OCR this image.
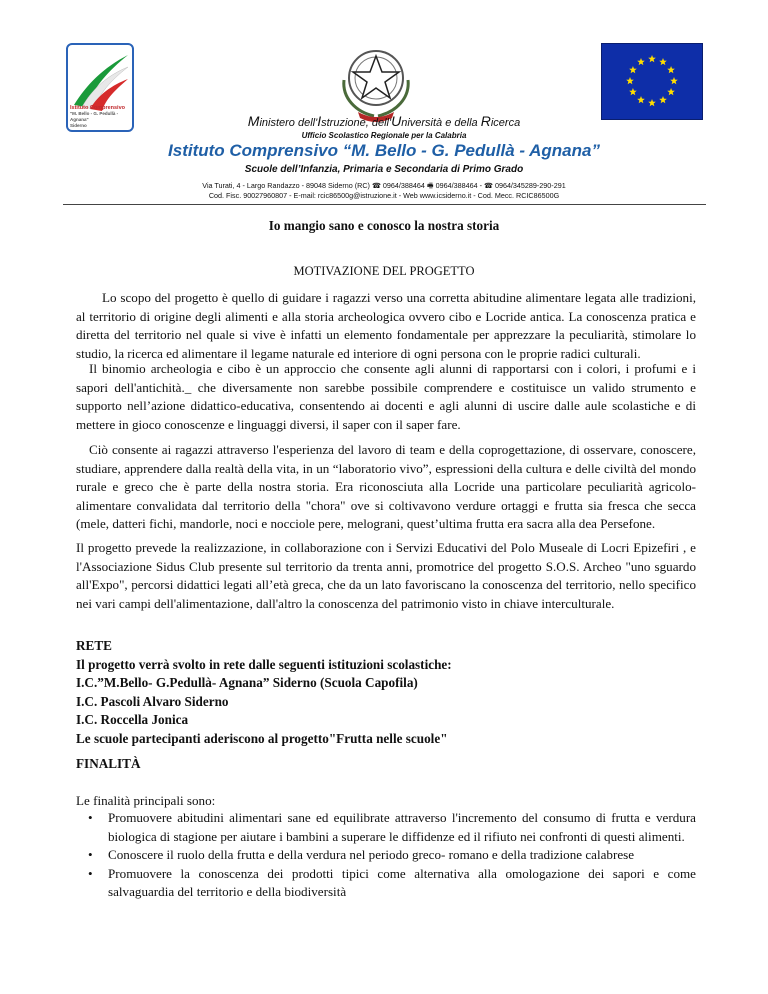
Istituto Comprensivo
"M. Bello - G. Pedullà - Agnana"
Siderno	Ministero dell'Istruzione, dell'Università e della Ricerca
Ufficio Scolastico Regionale per la Calabria
Istituto Comprensivo “M. Bello - G. Pedullà - Agnana”
Scuole dell’Infanzia, Primaria e Secondaria di Primo Grado
Via Turati, 4 - Largo Randazzo - 89048 Siderno (RC) ☎ 0964/388464 🖷 0964/388464 - ☎ 0964/345289-290-291
Cod. Fisc. 90027960807 - E-mail: rcic86500g@istruzione.it - Web www.icsiderno.it - Cod. Mecc. RCIC86500G
Io mangio sano e conosco la nostra storia
MOTIVAZIONE DEL PROGETTO

Lo scopo del progetto è quello di guidare i ragazzi verso una corretta abitudine alimentare legata alle tradizioni, al territorio di origine degli alimenti e alla storia archeologica ovvero cibo e Locride antica. La conoscenza pratica e diretta del territorio nel quale si vive è infatti un elemento fondamentale per apprezzare la peculiarità, stimolare lo studio, la ricerca ed alimentare il legame naturale ed interiore di ogni persona con le proprie radici culturali.

Il binomio archeologia e cibo è un approccio che consente agli alunni di rapportarsi con i colori, i profumi e i sapori dell'antichità._ che diversamente non sarebbe possibile comprendere e costituisce un valido strumento e supporto nell’azione didattico-educativa, consentendo ai docenti e agli alunni di uscire dalle aule scolastiche e di mettere in gioco conoscenze e linguaggi diversi, il saper con il saper fare.

Ciò consente ai ragazzi attraverso l'esperienza del lavoro di team e della coprogettazione, di osservare, conoscere, studiare, apprendere dalla realtà della vita, in un “laboratorio vivo”, espressioni della cultura e delle civiltà del mondo rurale e greco che è parte della nostra storia. Era riconosciuta alla Locride una particolare peculiarità agricolo-alimentare convalidata dal territorio della "chora" ove si coltivavono verdure ortaggi e frutta sia fresca che secca (mele, datteri fichi, mandorle, noci e nocciole pere, melograni, quest’ultima frutta era sacra alla dea Persefone.

Il progetto prevede la realizzazione, in collaborazione con i Servizi Educativi del Polo Museale di Locri Epizefiri , e l'Associazione Sidus Club presente sul territorio da trenta anni, promotrice del progetto S.O.S. Archeo "uno sguardo all'Expo", percorsi didattici legati all’età greca, che da un lato favoriscano la conoscenza del territorio, nello specifico nei vari campi dell'alimentazione, dall'altro la conoscenza del patrimonio visto in chiave interculturale.

RETE
Il progetto verrà svolto in rete dalle seguenti istituzioni scolastiche:
I.C.”M.Bello- G.Pedullà- Agnana” Siderno (Scuola Capofila)
I.C. Pascoli Alvaro Siderno
I.C. Roccella Jonica
Le scuole partecipanti aderiscono al progetto"Frutta nelle scuole"
FINALITÀ
Le finalità principali sono:
• Promuovere abitudini alimentari sane ed equilibrate attraverso l'incremento del consumo di frutta e verdura biologica di stagione per aiutare i bambini a superare le diffidenze ed il rifiuto nei confronti di questi alimenti.
• Conoscere il ruolo della frutta e della verdura nel periodo greco- romano e della tradizione calabrese
• Promuovere la conoscenza dei prodotti tipici come alternativa alla omologazione dei sapori e come salvaguardia del territorio e della biodiversità
